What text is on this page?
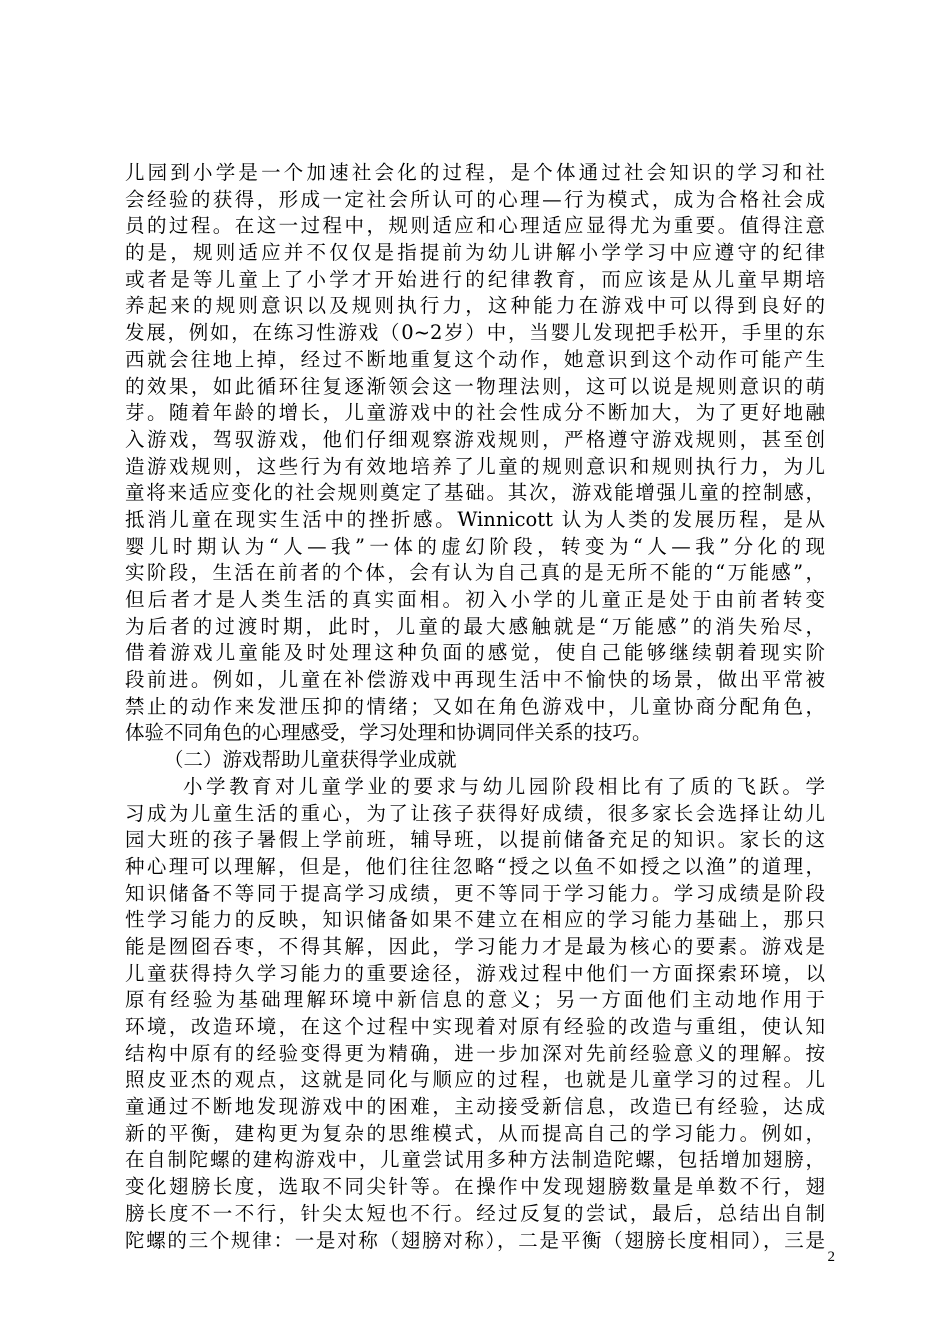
儿园到小学是一个加速社会化的过程，是个体通过社会知识的学习和社
会经验的获得，形成一定社会所认可的心理—行为模式，成为合格社会成
员的过程。在这一过程中，规则适应和心理适应显得尤为重要。值得注意
的是，规则适应并不仅仅是指提前为幼儿讲解小学学习中应遵守的纪律
或者是等儿童上了小学才开始进行的纪律教育，而应该是从儿童早期培
养起来的规则意识以及规则执行力，这种能力在游戏中可以得到良好的
发展，例如，在练习性游戏（0~2岁）中，当婴儿发现把手松开，手里的东
西就会往地上掉，经过不断地重复这个动作，她意识到这个动作可能产生
的效果，如此循环往复逐渐领会这一物理法则，这可以说是规则意识的萌
芽。随着年龄的增长，儿童游戏中的社会性成分不断加大，为了更好地融
入游戏，驾驭游戏，他们仔细观察游戏规则，严格遵守游戏规则，甚至创
造游戏规则，这些行为有效地培养了儿童的规则意识和规则执行力，为儿
童将来适应变化的社会规则奠定了基础。其次，游戏能增强儿童的控制感，
抵消儿童在现实生活中的挫折感。Winnicott 认为人类的发展历程，是从
婴儿时期认为“人—我”一体的虚幻阶段，转变为“人—我”分化的现
实阶段，生活在前者的个体，会有认为自己真的是无所不能的“万能感”，
但后者才是人类生活的真实面相。初入小学的儿童正是处于由前者转变
为后者的过渡时期，此时，儿童的最大感触就是“万能感”的消失殆尽，
借着游戏儿童能及时处理这种负面的感觉，使自己能够继续朝着现实阶
段前进。例如，儿童在补偿游戏中再现生活中不愉快的场景，做出平常被
禁止的动作来发泄压抑的情绪；又如在角色游戏中，儿童协商分配角色，
体验不同角色的心理感受，学习处理和协调同伴关系的技巧。
（二）游戏帮助儿童获得学业成就
小学教育对儿童学业的要求与幼儿园阶段相比有了质的飞跃。学
习成为儿童生活的重心，为了让孩子获得好成绩，很多家长会选择让幼儿
园大班的孩子暑假上学前班，辅导班，以提前储备充足的知识。家长的这
种心理可以理解，但是，他们往往忽略“授之以鱼不如授之以渔”的道理，
知识储备不等同于提高学习成绩，更不等同于学习能力。学习成绩是阶段
性学习能力的反映，知识储备如果不建立在相应的学习能力基础上，那只
能是囫囵吞枣，不得其解，因此，学习能力才是最为核心的要素。游戏是
儿童获得持久学习能力的重要途径，游戏过程中他们一方面探索环境，以
原有经验为基础理解环境中新信息的意义；另一方面他们主动地作用于
环境，改造环境，在这个过程中实现着对原有经验的改造与重组，使认知
结构中原有的经验变得更为精确，进一步加深对先前经验意义的理解。按
照皮亚杰的观点，这就是同化与顺应的过程，也就是儿童学习的过程。儿
童通过不断地发现游戏中的困难，主动接受新信息，改造已有经验，达成
新的平衡，建构更为复杂的思维模式，从而提高自己的学习能力。例如，
在自制陀螺的建构游戏中，儿童尝试用多种方法制造陀螺，包括增加翅膀，
变化翅膀长度，选取不同尖针等。在操作中发现翅膀数量是单数不行，翅
膀长度不一不行，针尖太短也不行。经过反复的尝试，最后，总结出自制
陀螺的三个规律：一是对称（翅膀对称），二是平衡（翅膀长度相同），三是
2
